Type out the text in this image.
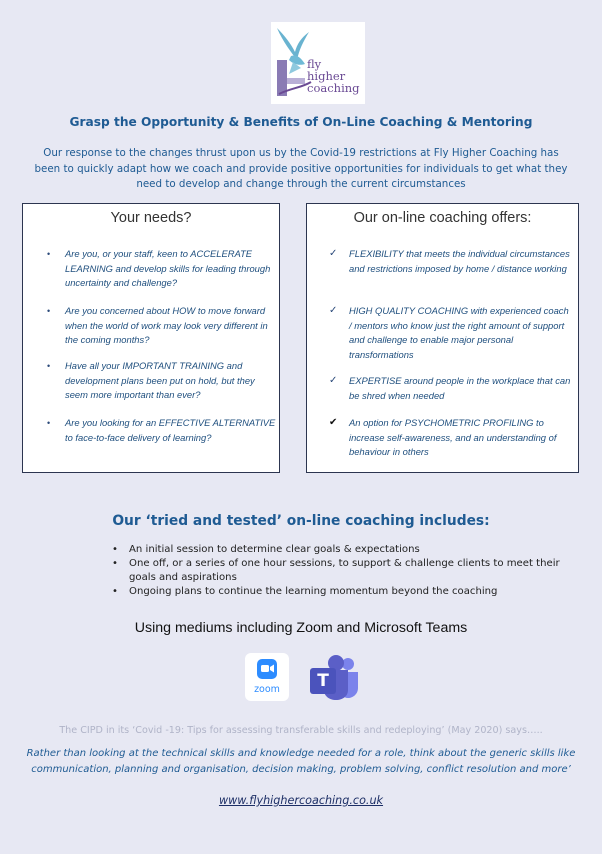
fly
higher
coaching
Grasp the Opportunity & Benefits of On-Line Coaching & Mentoring
Our response to the changes thrust upon us by the Covid-19 restrictions at Fly Higher Coaching has been to quickly adapt how we coach and provide positive opportunities for individuals to get what they need to develop and change through the current circumstances
Your needs?
• Are you, or your staff, keen to ACCELERATE LEARNING and develop skills for leading through uncertainty and challenge?
• Are you concerned about HOW to move forward when the world of work may look very different in the coming months?
• Have all your IMPORTANT TRAINING and development plans been put on hold, but they seem more important than ever?
• Are you looking for an EFFECTIVE ALTERNATIVE to face-to-face delivery of learning?
Our on-line coaching offers:
✓ FLEXIBILITY that meets the individual circumstances and restrictions imposed by home / distance working
✓ HIGH QUALITY COACHING with experienced coach / mentors who know just the right amount of support and challenge to enable major personal transformations
✓ EXPERTISE around people in the workplace that can be shred when needed
✔ An option for PSYCHOMETRIC PROFILING to increase self-awareness, and an understanding of behaviour in others
Our ‘tried and tested’ on-line coaching includes:
• An initial session to determine clear goals & expectations
• One off, or a series of one hour sessions, to support & challenge clients to meet their goals and aspirations
• Ongoing plans to continue the learning momentum beyond the coaching
Using mediums including Zoom and Microsoft Teams
zoom	T
The CIPD in its ‘Covid -19: Tips for assessing transferable skills and redeploying’ (May 2020) says…..
Rather than looking at the technical skills and knowledge needed for a role, think about the generic skills like communication, planning and organisation, decision making, problem solving, conflict resolution and more’
www.flyhighercoaching.co.uk
